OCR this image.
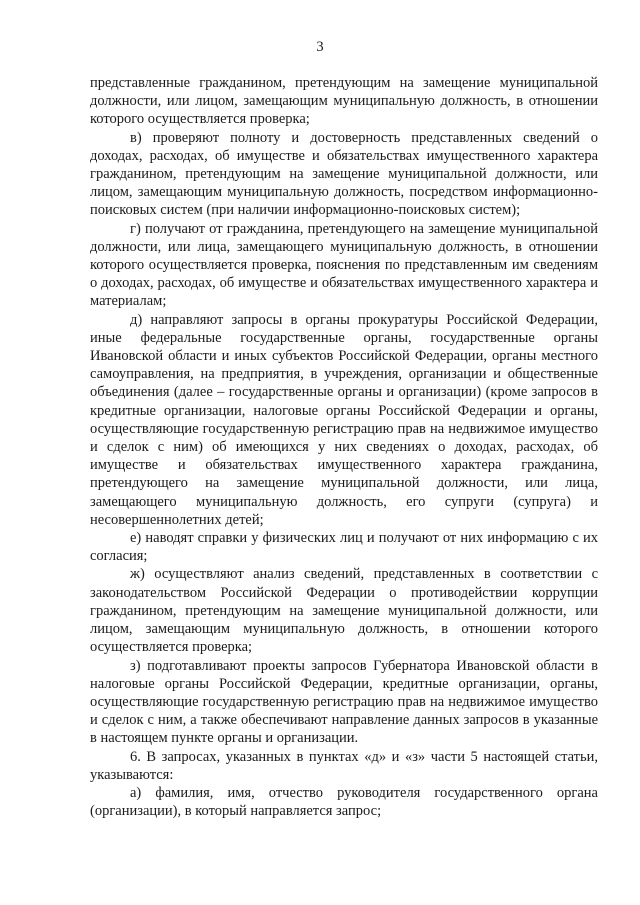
3

представленные гражданином, претендующим на замещение муниципальной должности, или лицом, замещающим муниципальную должность, в отношении которого осуществляется проверка;

в) проверяют полноту и достоверность представленных сведений о доходах, расходах, об имуществе и обязательствах имущественного характера гражданином, претендующим на замещение муниципальной должности, или лицом, замещающим муниципальную должность, посредством информационно-поисковых систем (при наличии информационно-поисковых систем);

г) получают от гражданина, претендующего на замещение муниципальной должности, или лица, замещающего муниципальную должность, в отношении которого осуществляется проверка, пояснения по представленным им сведениям о доходах, расходах, об имуществе и обязательствах имущественного характера и материалам;

д) направляют запросы в органы прокуратуры Российской Федерации, иные федеральные государственные органы, государственные органы Ивановской области и иных субъектов Российской Федерации, органы местного самоуправления, на предприятия, в учреждения, организации и общественные объединения (далее – государственные органы и организации) (кроме запросов в кредитные организации, налоговые органы Российской Федерации и органы, осуществляющие государственную регистрацию прав на недвижимое имущество и сделок с ним) об имеющихся у них сведениях о доходах, расходах, об имуществе и обязательствах имущественного характера гражданина, претендующего на замещение муниципальной должности, или лица, замещающего муниципальную должность, его супруги (супруга) и несовершеннолетних детей;

е) наводят справки у физических лиц и получают от них информацию с их согласия;

ж) осуществляют анализ сведений, представленных в соответствии с законодательством Российской Федерации о противодействии коррупции гражданином, претендующим на замещение муниципальной должности, или лицом, замещающим муниципальную должность, в отношении которого осуществляется проверка;

з) подготавливают проекты запросов Губернатора Ивановской области в налоговые органы Российской Федерации, кредитные организации, органы, осуществляющие государственную регистрацию прав на недвижимое имущество и сделок с ним, а также обеспечивают направление данных запросов в указанные в настоящем пункте органы и организации.

6. В запросах, указанных в пунктах «д» и «з» части 5 настоящей статьи, указываются:

а) фамилия, имя, отчество руководителя государственного органа (организации), в который направляется запрос;
